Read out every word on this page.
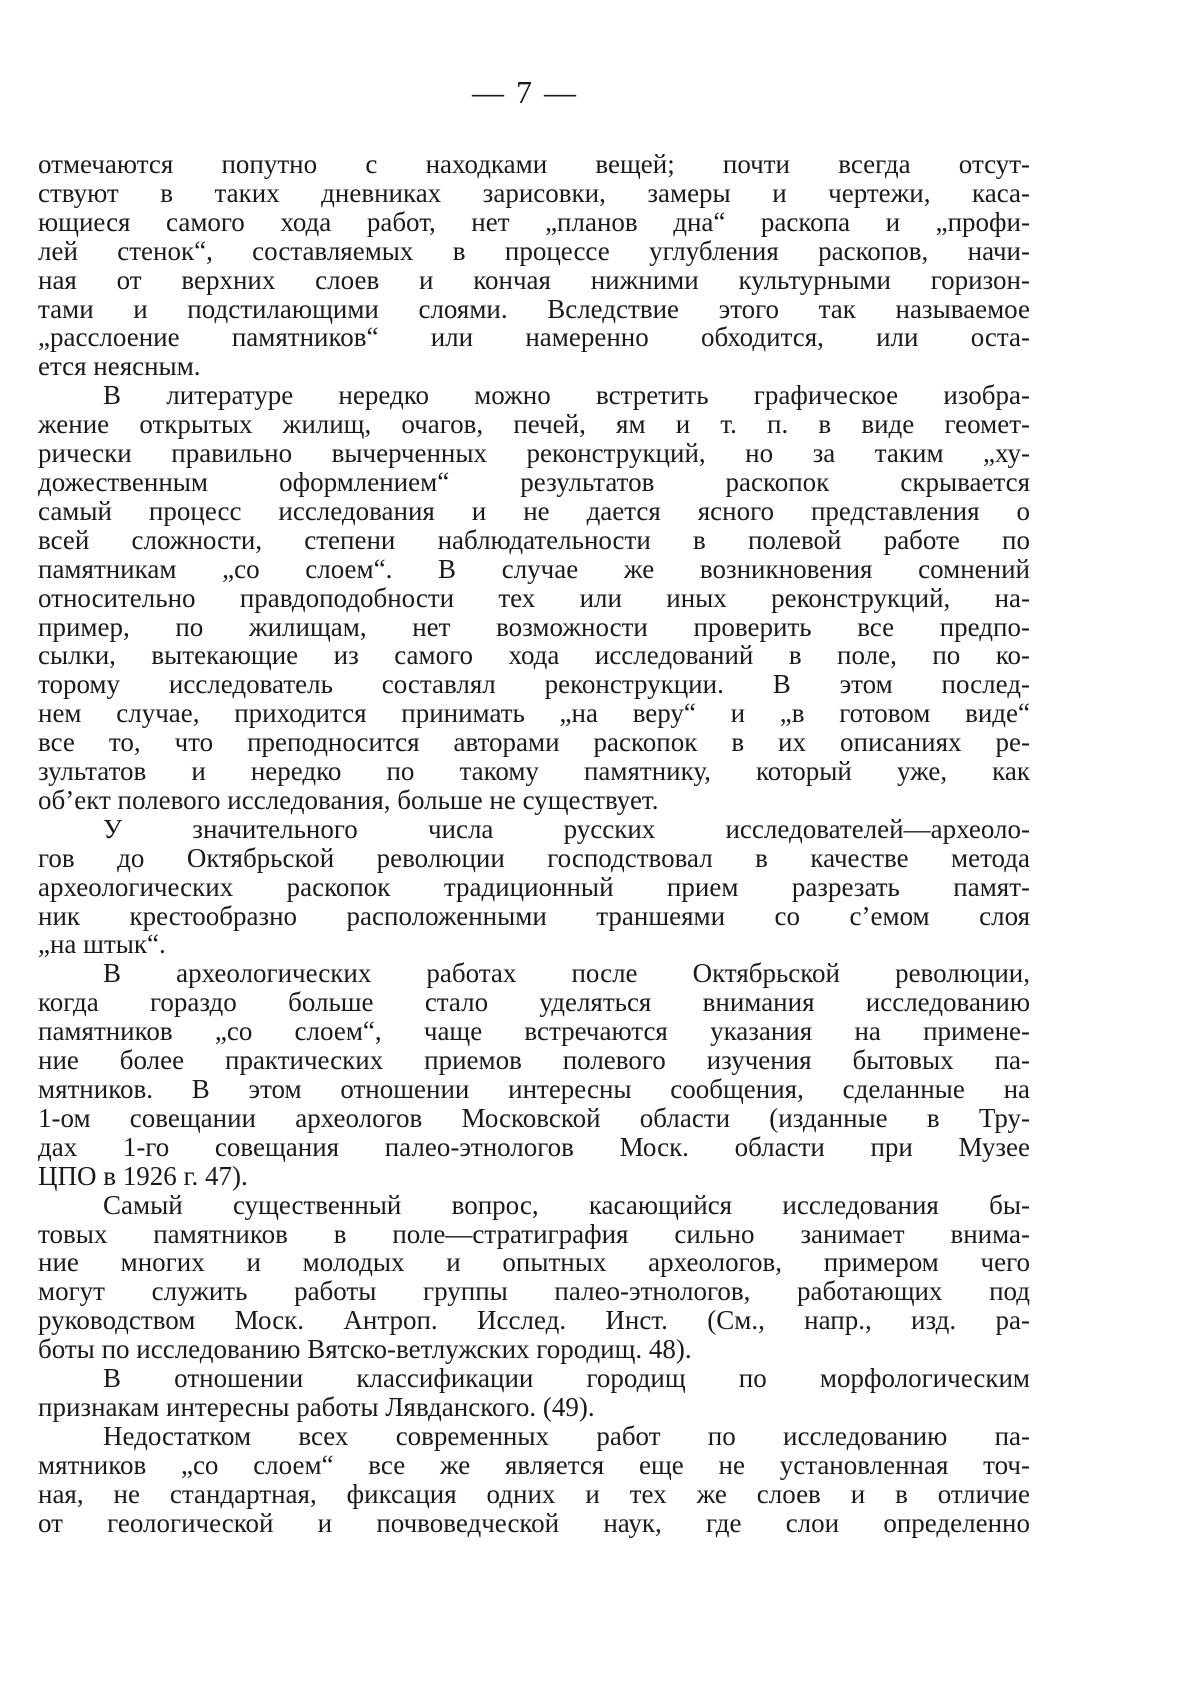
— 7 —
отмечаются попутно с находками вещей; почти всегда отсут-
ствуют в таких дневниках зарисовки, замеры и чертежи, каса-
ющиеся самого хода работ, нет „планов дна“ раскопа и „профи-
лей стенок“, составляемых в процессе углубления раскопов, начи-
ная от верхних слоев и кончая нижними культурными горизон-
тами и подстилающими слоями. Вследствие этого так называемое
„расслоение памятников“ или намеренно обходится, или оста-
ется неясным.
В литературе нередко можно встретить графическое изобра-
жение открытых жилищ, очагов, печей, ям и т. п. в виде геомет-
рически правильно вычерченных реконструкций, но за таким „ху-
дожественным оформлением“ результатов раскопок скрывается
самый процесс исследования и не дается ясного представления о
всей сложности, степени наблюдательности в полевой работе по
памятникам „со слоем“. В случае же возникновения сомнений
относительно правдоподобности тех или иных реконструкций, на-
пример, по жилищам, нет возможности проверить все предпо-
сылки, вытекающие из самого хода исследований в поле, по ко-
торому исследователь составлял реконструкции. В этом послед-
нем случае, приходится принимать „на веру“ и „в готовом виде“
все то, что преподносится авторами раскопок в их описаниях ре-
зультатов и нередко по такому памятнику, который уже, как
об’ект полевого исследования, больше не существует.
У значительного числа русских исследователей—археоло-
гов до Октябрьской революции господствовал в качестве метода
археологических раскопок традиционный прием разрезать памят-
ник крестообразно расположенными траншеями со с’емом слоя
„на штык“.
В археологических работах после Октябрьской революции,
когда гораздо больше стало уделяться внимания исследованию
памятников „со слоем“, чаще встречаются указания на примене-
ние более практических приемов полевого изучения бытовых па-
мятников. В этом отношении интересны сообщения, сделанные на
1-ом совещании археологов Московской области (изданные в Тру-
дах 1-го совещания палео-этнологов Моск. области при Музее
ЦПО в 1926 г. 47).
Самый существенный вопрос, касающийся исследования бы-
товых памятников в поле—стратиграфия сильно занимает внима-
ние многих и молодых и опытных археологов, примером чего
могут служить работы группы палео-этнологов, работающих под
руководством Моск. Антроп. Исслед. Инст. (См., напр., изд. ра-
боты по исследованию Вятско-ветлужских городищ. 48).
В отношении классификации городищ по морфологическим
признакам интересны работы Лявданского. (49).
Недостатком всех современных работ по исследованию па-
мятников „со слоем“ все же является еще не установленная точ-
ная, не стандартная, фиксация одних и тех же слоев и в отличие
от геологической и почвоведческой наук, где слои определенно
